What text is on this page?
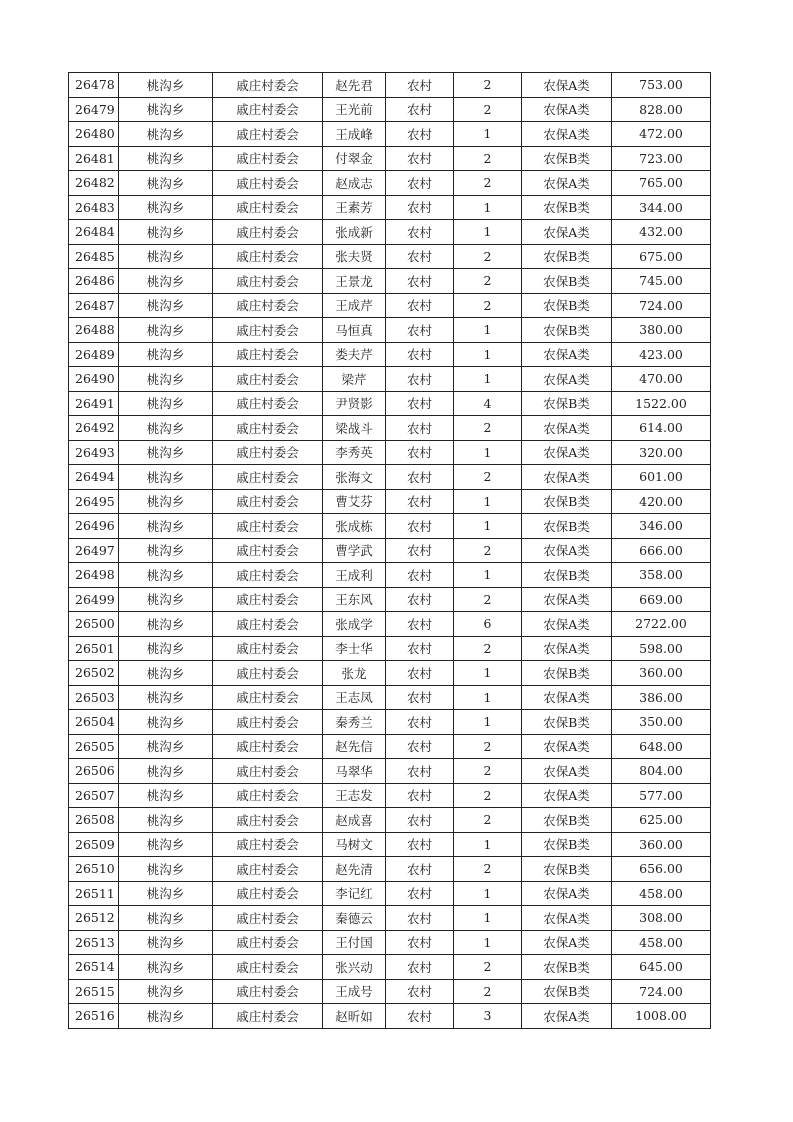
26478	桃沟乡	戚庄村委会	赵先君	农村	2	农保A类	753.00
26479	桃沟乡	戚庄村委会	王光前	农村	2	农保A类	828.00
26480	桃沟乡	戚庄村委会	王成峰	农村	1	农保A类	472.00
26481	桃沟乡	戚庄村委会	付翠金	农村	2	农保B类	723.00
26482	桃沟乡	戚庄村委会	赵成志	农村	2	农保A类	765.00
26483	桃沟乡	戚庄村委会	王素芳	农村	1	农保B类	344.00
26484	桃沟乡	戚庄村委会	张成新	农村	1	农保A类	432.00
26485	桃沟乡	戚庄村委会	张夫贤	农村	2	农保B类	675.00
26486	桃沟乡	戚庄村委会	王景龙	农村	2	农保B类	745.00
26487	桃沟乡	戚庄村委会	王成芹	农村	2	农保B类	724.00
26488	桃沟乡	戚庄村委会	马恒真	农村	1	农保B类	380.00
26489	桃沟乡	戚庄村委会	娄夫芹	农村	1	农保A类	423.00
26490	桃沟乡	戚庄村委会	梁芹	农村	1	农保A类	470.00
26491	桃沟乡	戚庄村委会	尹贤影	农村	4	农保B类	1522.00
26492	桃沟乡	戚庄村委会	梁战斗	农村	2	农保A类	614.00
26493	桃沟乡	戚庄村委会	李秀英	农村	1	农保A类	320.00
26494	桃沟乡	戚庄村委会	张海文	农村	2	农保A类	601.00
26495	桃沟乡	戚庄村委会	曹艾芬	农村	1	农保B类	420.00
26496	桃沟乡	戚庄村委会	张成栋	农村	1	农保B类	346.00
26497	桃沟乡	戚庄村委会	曹学武	农村	2	农保A类	666.00
26498	桃沟乡	戚庄村委会	王成利	农村	1	农保B类	358.00
26499	桃沟乡	戚庄村委会	王东风	农村	2	农保A类	669.00
26500	桃沟乡	戚庄村委会	张成学	农村	6	农保A类	2722.00
26501	桃沟乡	戚庄村委会	李士华	农村	2	农保A类	598.00
26502	桃沟乡	戚庄村委会	张龙	农村	1	农保B类	360.00
26503	桃沟乡	戚庄村委会	王志凤	农村	1	农保A类	386.00
26504	桃沟乡	戚庄村委会	秦秀兰	农村	1	农保B类	350.00
26505	桃沟乡	戚庄村委会	赵先信	农村	2	农保A类	648.00
26506	桃沟乡	戚庄村委会	马翠华	农村	2	农保A类	804.00
26507	桃沟乡	戚庄村委会	王志发	农村	2	农保A类	577.00
26508	桃沟乡	戚庄村委会	赵成喜	农村	2	农保B类	625.00
26509	桃沟乡	戚庄村委会	马树文	农村	1	农保B类	360.00
26510	桃沟乡	戚庄村委会	赵先清	农村	2	农保B类	656.00
26511	桃沟乡	戚庄村委会	李记红	农村	1	农保A类	458.00
26512	桃沟乡	戚庄村委会	秦德云	农村	1	农保A类	308.00
26513	桃沟乡	戚庄村委会	王付国	农村	1	农保A类	458.00
26514	桃沟乡	戚庄村委会	张兴动	农村	2	农保B类	645.00
26515	桃沟乡	戚庄村委会	王成号	农村	2	农保B类	724.00
26516	桃沟乡	戚庄村委会	赵昕如	农村	3	农保A类	1008.00
